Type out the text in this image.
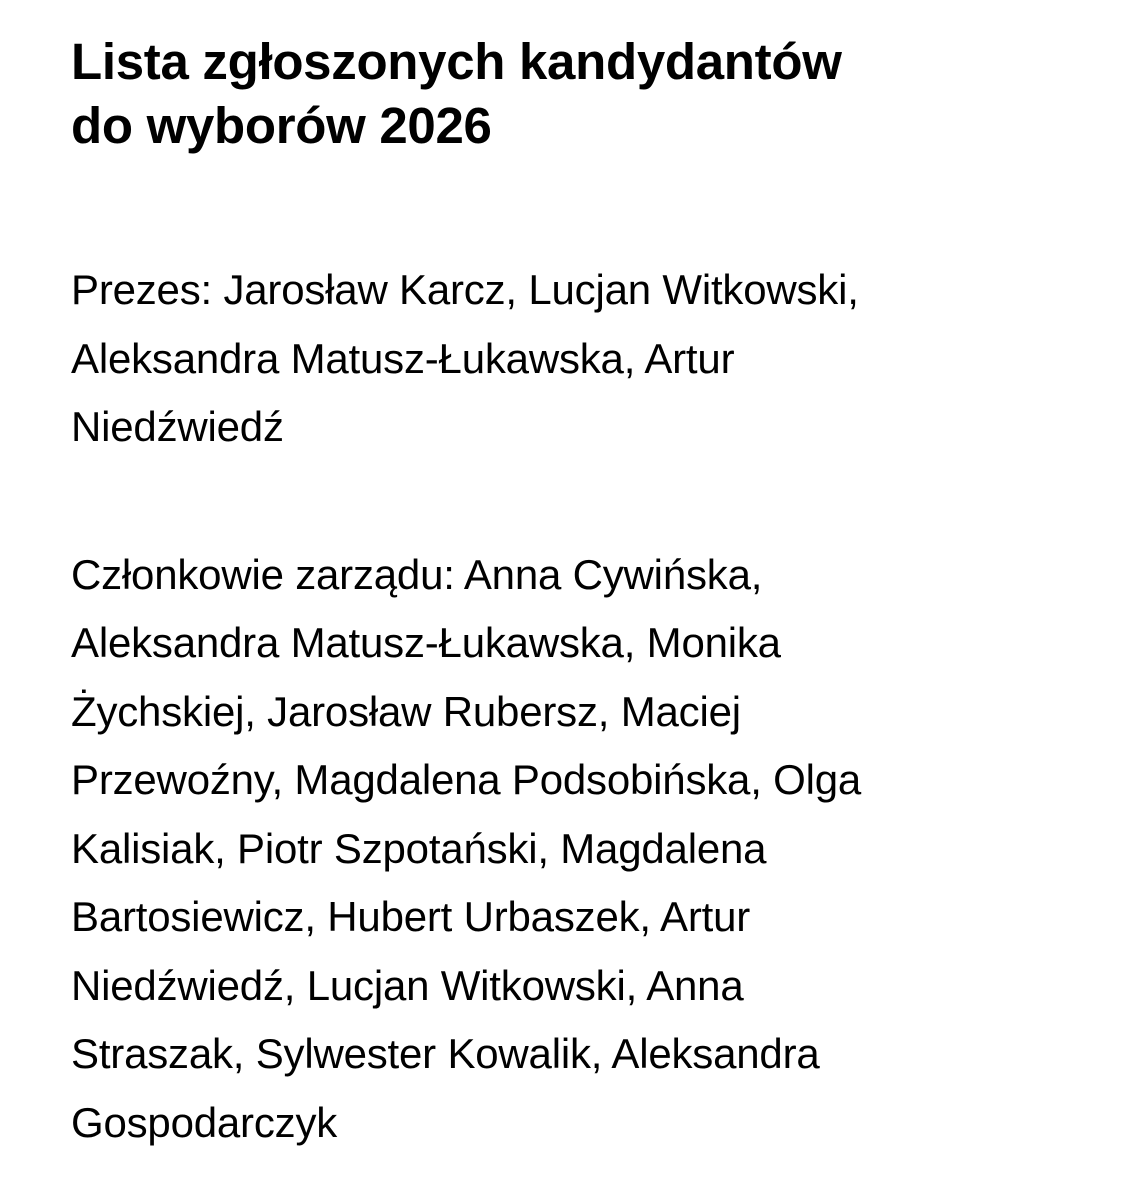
Lista zgłoszonych kandydantów
do wyborów 2026

Prezes: Jarosław Karcz, Lucjan Witkowski,
Aleksandra Matusz-Łukawska, Artur
Niedźwiedź

Członkowie zarządu: Anna Cywińska,
Aleksandra Matusz-Łukawska, Monika
Żychskiej, Jarosław Rubersz, Maciej
Przewoźny, Magdalena Podsobińska, Olga
Kalisiak, Piotr Szpotański, Magdalena
Bartosiewicz, Hubert Urbaszek, Artur
Niedźwiedź, Lucjan Witkowski, Anna
Straszak, Sylwester Kowalik, Aleksandra
Gospodarczyk
